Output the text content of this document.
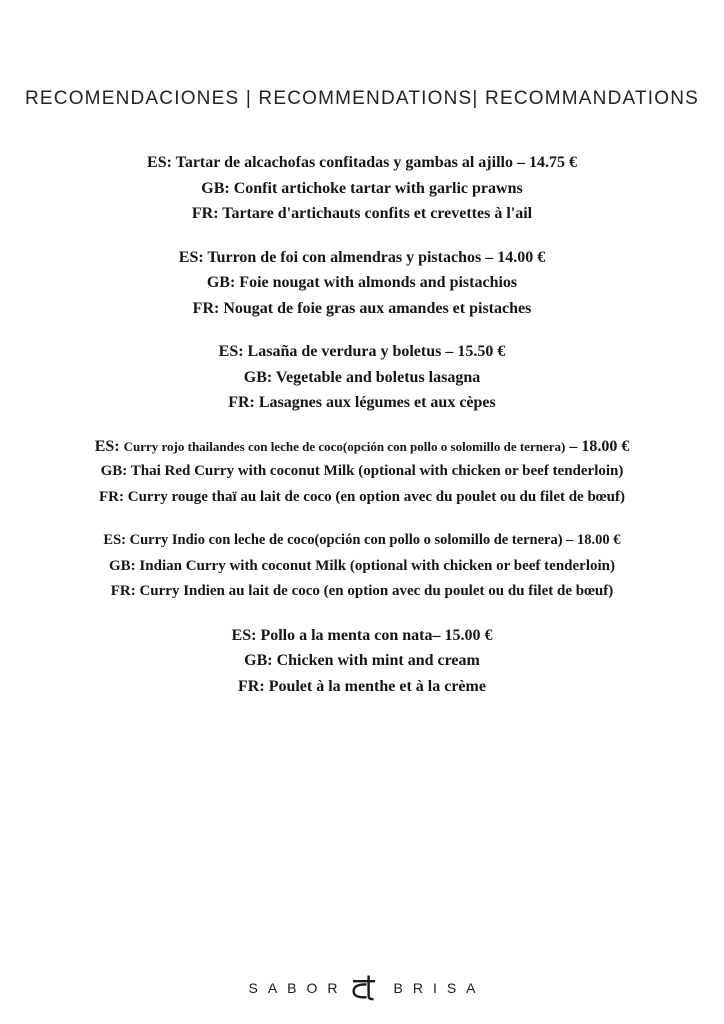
RECOMENDACIONES | RECOMMENDATIONS| RECOMMANDATIONS

ES: Tartar de alcachofas confitadas y gambas al ajillo – 14.75 €

GB: Confit artichoke tartar with garlic prawns

FR: Tartare d'artichauts confits et crevettes à l'ail

ES: Turron de foi con almendras y pistachos – 14.00 €

GB: Foie nougat with almonds and pistachios

FR: Nougat de foie gras aux amandes et pistaches

ES: Lasaña de verdura y boletus – 15.50 €

GB: Vegetable and boletus lasagna

FR: Lasagnes aux légumes et aux cèpes

ES: Curry rojo thailandes con leche de coco(opción con pollo o solomillo de ternera) – 18.00 €

GB: Thai Red Curry with coconut Milk (optional with chicken or beef tenderloin)

FR: Curry rouge thaï au lait de coco (en option avec du poulet ou du filet de bœuf)

ES: Curry Indio con leche de coco(opción con pollo o solomillo de ternera) – 18.00 €

GB: Indian Curry with coconut Milk (optional with chicken or beef tenderloin)

FR: Curry Indien au lait de coco (en option avec du poulet ou du filet de bœuf)

ES: Pollo a la menta con nata– 15.00 €

GB: Chicken with mint and cream

FR: Poulet à la menthe et à la crème

SABOR	BRISA
